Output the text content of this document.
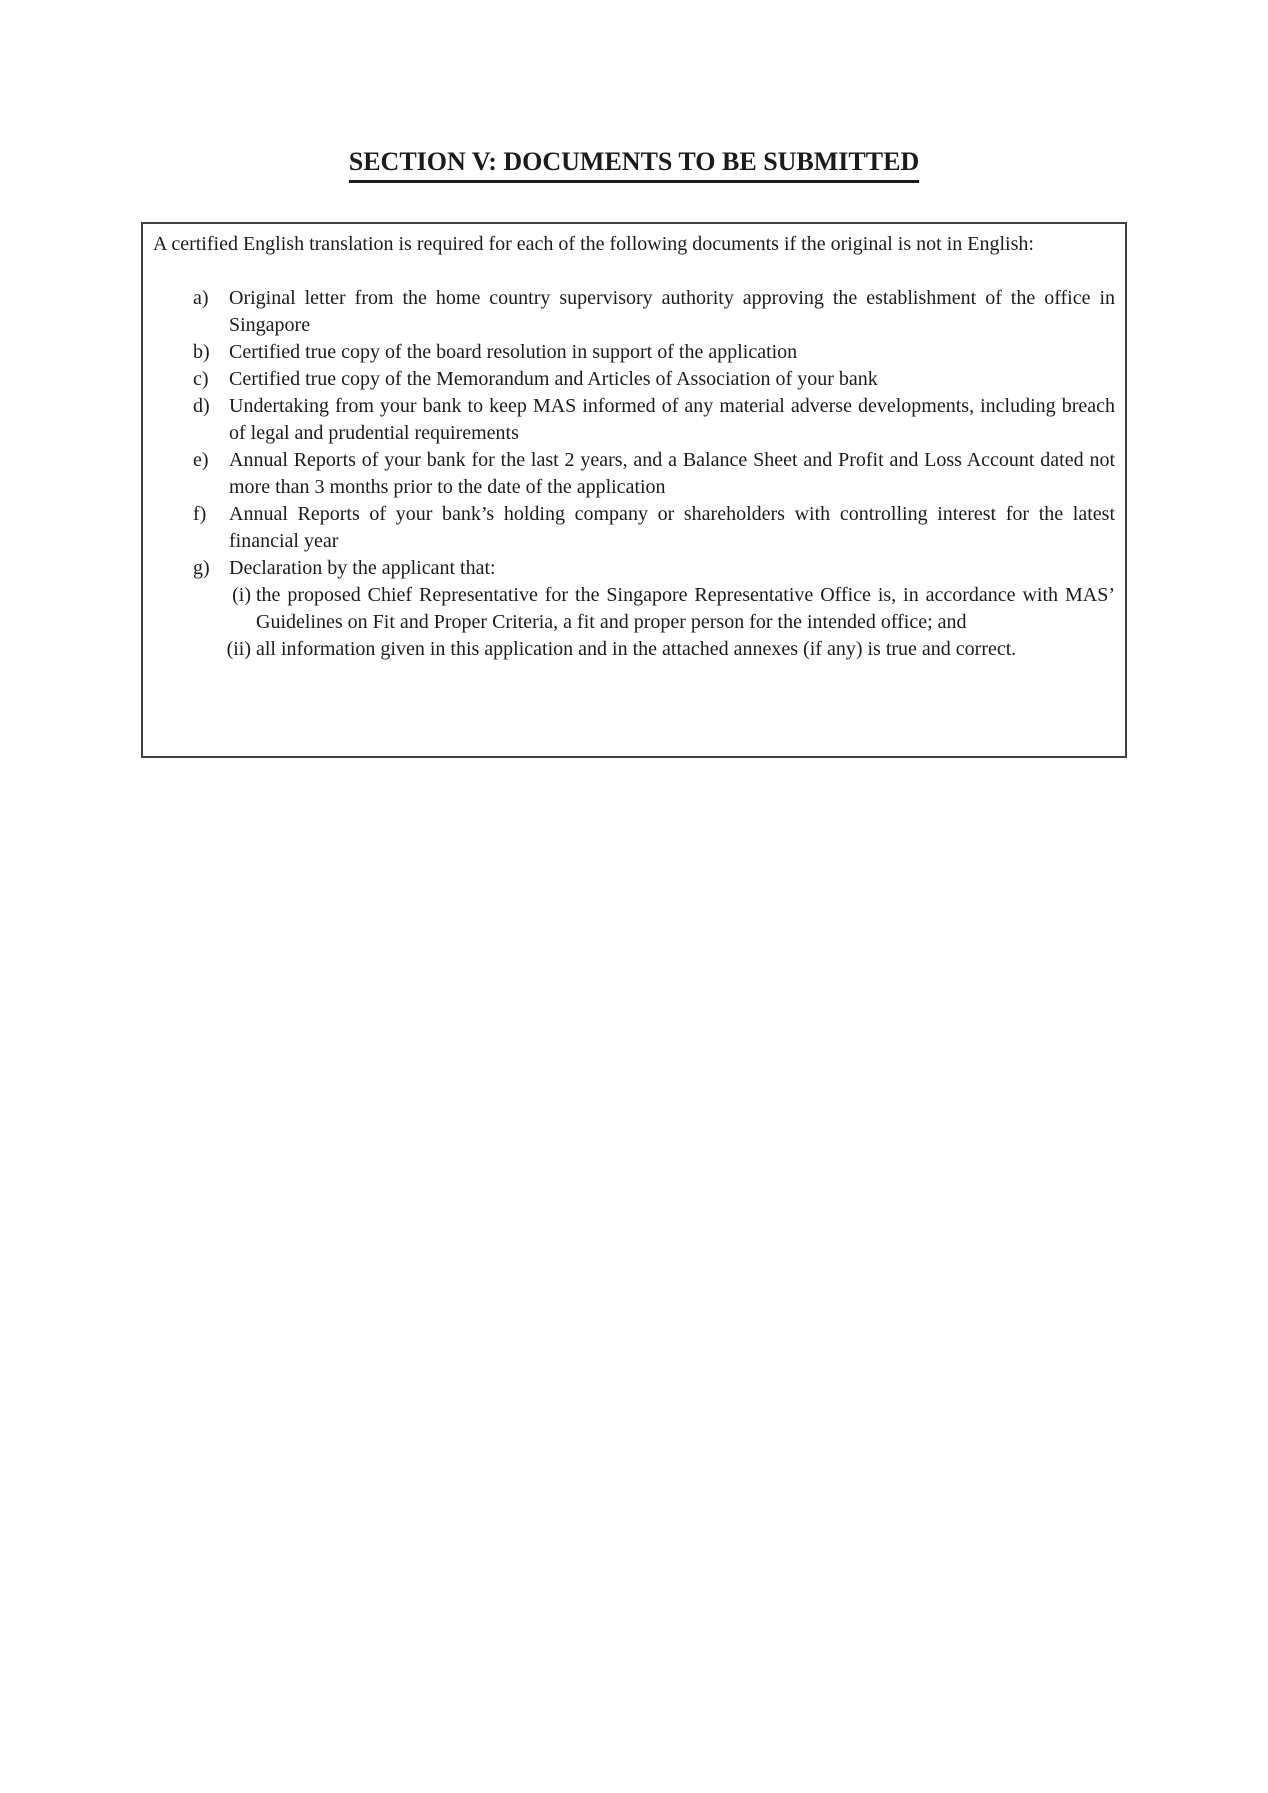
SECTION V: DOCUMENTS TO BE SUBMITTED

A certified English translation is required for each of the following documents if the original is not in English:

a)	Original letter from the home country supervisory authority approving the establishment of the office in Singapore
b) Certified true copy of the board resolution in support of the application
c)	Certified true copy of the Memorandum and Articles of Association of your bank
d) Undertaking from your bank to keep MAS informed of any material adverse developments, including breach of legal and prudential requirements
e)	Annual Reports of your bank for the last 2 years, and a Balance Sheet and Profit and Loss Account dated not more than 3 months prior to the date of the application
f)	Annual Reports of your bank’s holding company or shareholders with controlling interest for the latest financial year
g) Declaration by the applicant that:
(i) the proposed Chief Representative for the Singapore Representative Office is, in accordance with MAS’ Guidelines on Fit and Proper Criteria, a fit and proper person for the intended office; and
(ii) all information given in this application and in the attached annexes (if any) is true and correct.
